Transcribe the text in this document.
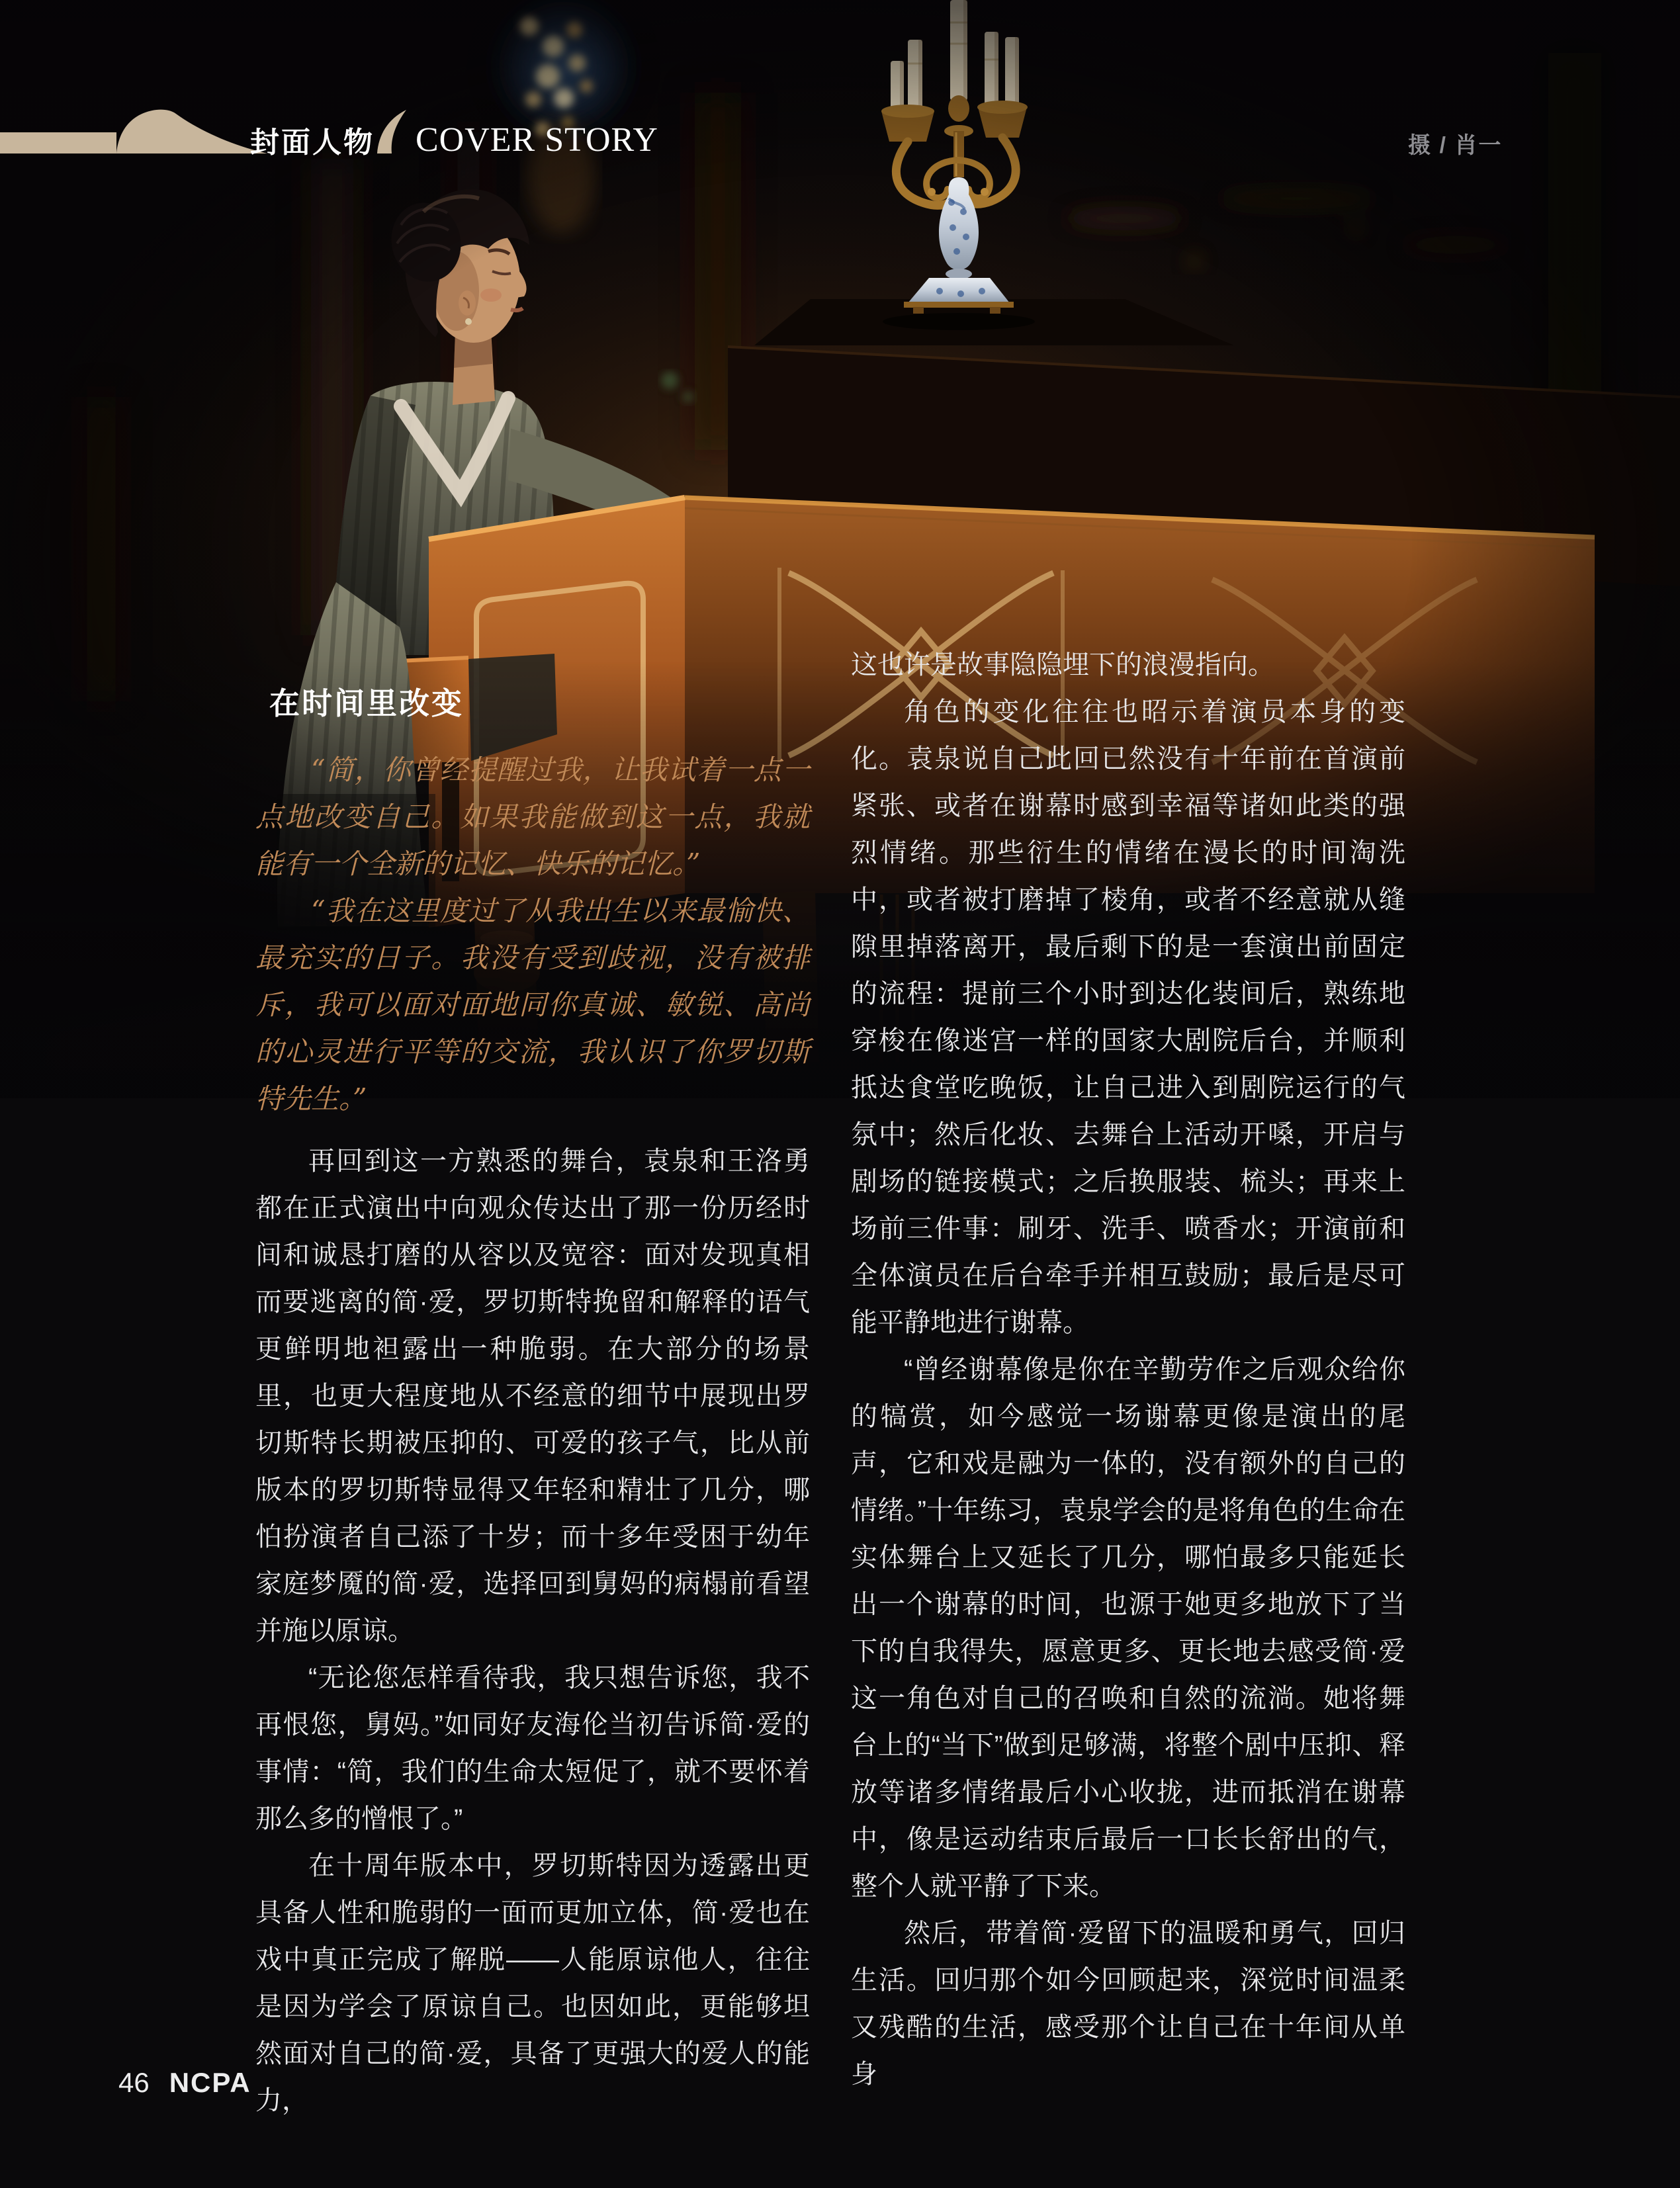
封面人物 COVER STORY	摄 / 肖一
在时间里改变

“简，你曾经提醒过我，让我试着一点一点地改变自己。如果我能做到这一点，我就能有一个全新的记忆、快乐的记忆。”

“我在这里度过了从我出生以来最愉快、最充实的日子。我没有受到歧视，没有被排斥，我可以面对面地同你真诚、敏锐、高尚的心灵进行平等的交流，我认识了你罗切斯特先生。”

再回到这一方熟悉的舞台，袁泉和王洛勇都在正式演出中向观众传达出了那一份历经时间和诚恳打磨的从容以及宽容：面对发现真相而要逃离的简·爱，罗切斯特挽留和解释的语气更鲜明地袒露出一种脆弱。在大部分的场景里，也更大程度地从不经意的细节中展现出罗切斯特长期被压抑的、可爱的孩子气，比从前版本的罗切斯特显得又年轻和精壮了几分，哪怕扮演者自己添了十岁；而十多年受困于幼年家庭梦魇的简·爱，选择回到舅妈的病榻前看望并施以原谅。

“无论您怎样看待我，我只想告诉您，我不再恨您，舅妈。”如同好友海伦当初告诉简·爱的事情：“简，我们的生命太短促了，就不要怀着那么多的憎恨了。”

在十周年版本中，罗切斯特因为透露出更具备人性和脆弱的一面而更加立体，简·爱也在戏中真正完成了解脱——人能原谅他人，往往是因为学会了原谅自己。也因如此，更能够坦然面对自己的简·爱，具备了更强大的爱人的能力，

这也许是故事隐隐埋下的浪漫指向。

角色的变化往往也昭示着演员本身的变化。袁泉说自己此回已然没有十年前在首演前紧张、或者在谢幕时感到幸福等诸如此类的强烈情绪。那些衍生的情绪在漫长的时间淘洗中，或者被打磨掉了棱角，或者不经意就从缝隙里掉落离开，最后剩下的是一套演出前固定的流程：提前三个小时到达化装间后，熟练地穿梭在像迷宫一样的国家大剧院后台，并顺利抵达食堂吃晚饭，让自己进入到剧院运行的气氛中；然后化妆、去舞台上活动开嗓，开启与剧场的链接模式；之后换服装、梳头；再来上场前三件事：刷牙、洗手、喷香水；开演前和全体演员在后台牵手并相互鼓励；最后是尽可能平静地进行谢幕。

“曾经谢幕像是你在辛勤劳作之后观众给你的犒赏，如今感觉一场谢幕更像是演出的尾声，它和戏是融为一体的，没有额外的自己的情绪。”十年练习，袁泉学会的是将角色的生命在实体舞台上又延长了几分，哪怕最多只能延长出一个谢幕的时间，也源于她更多地放下了当下的自我得失，愿意更多、更长地去感受简·爱这一角色对自己的召唤和自然的流淌。她将舞台上的“当下”做到足够满，将整个剧中压抑、释放等诸多情绪最后小心收拢，进而抵消在谢幕中，像是运动结束后最后一口长长舒出的气，整个人就平静了下来。

然后，带着简·爱留下的温暖和勇气，回归生活。回归那个如今回顾起来，深觉时间温柔又残酷的生活，感受那个让自己在十年间从单身

46 NCPA
